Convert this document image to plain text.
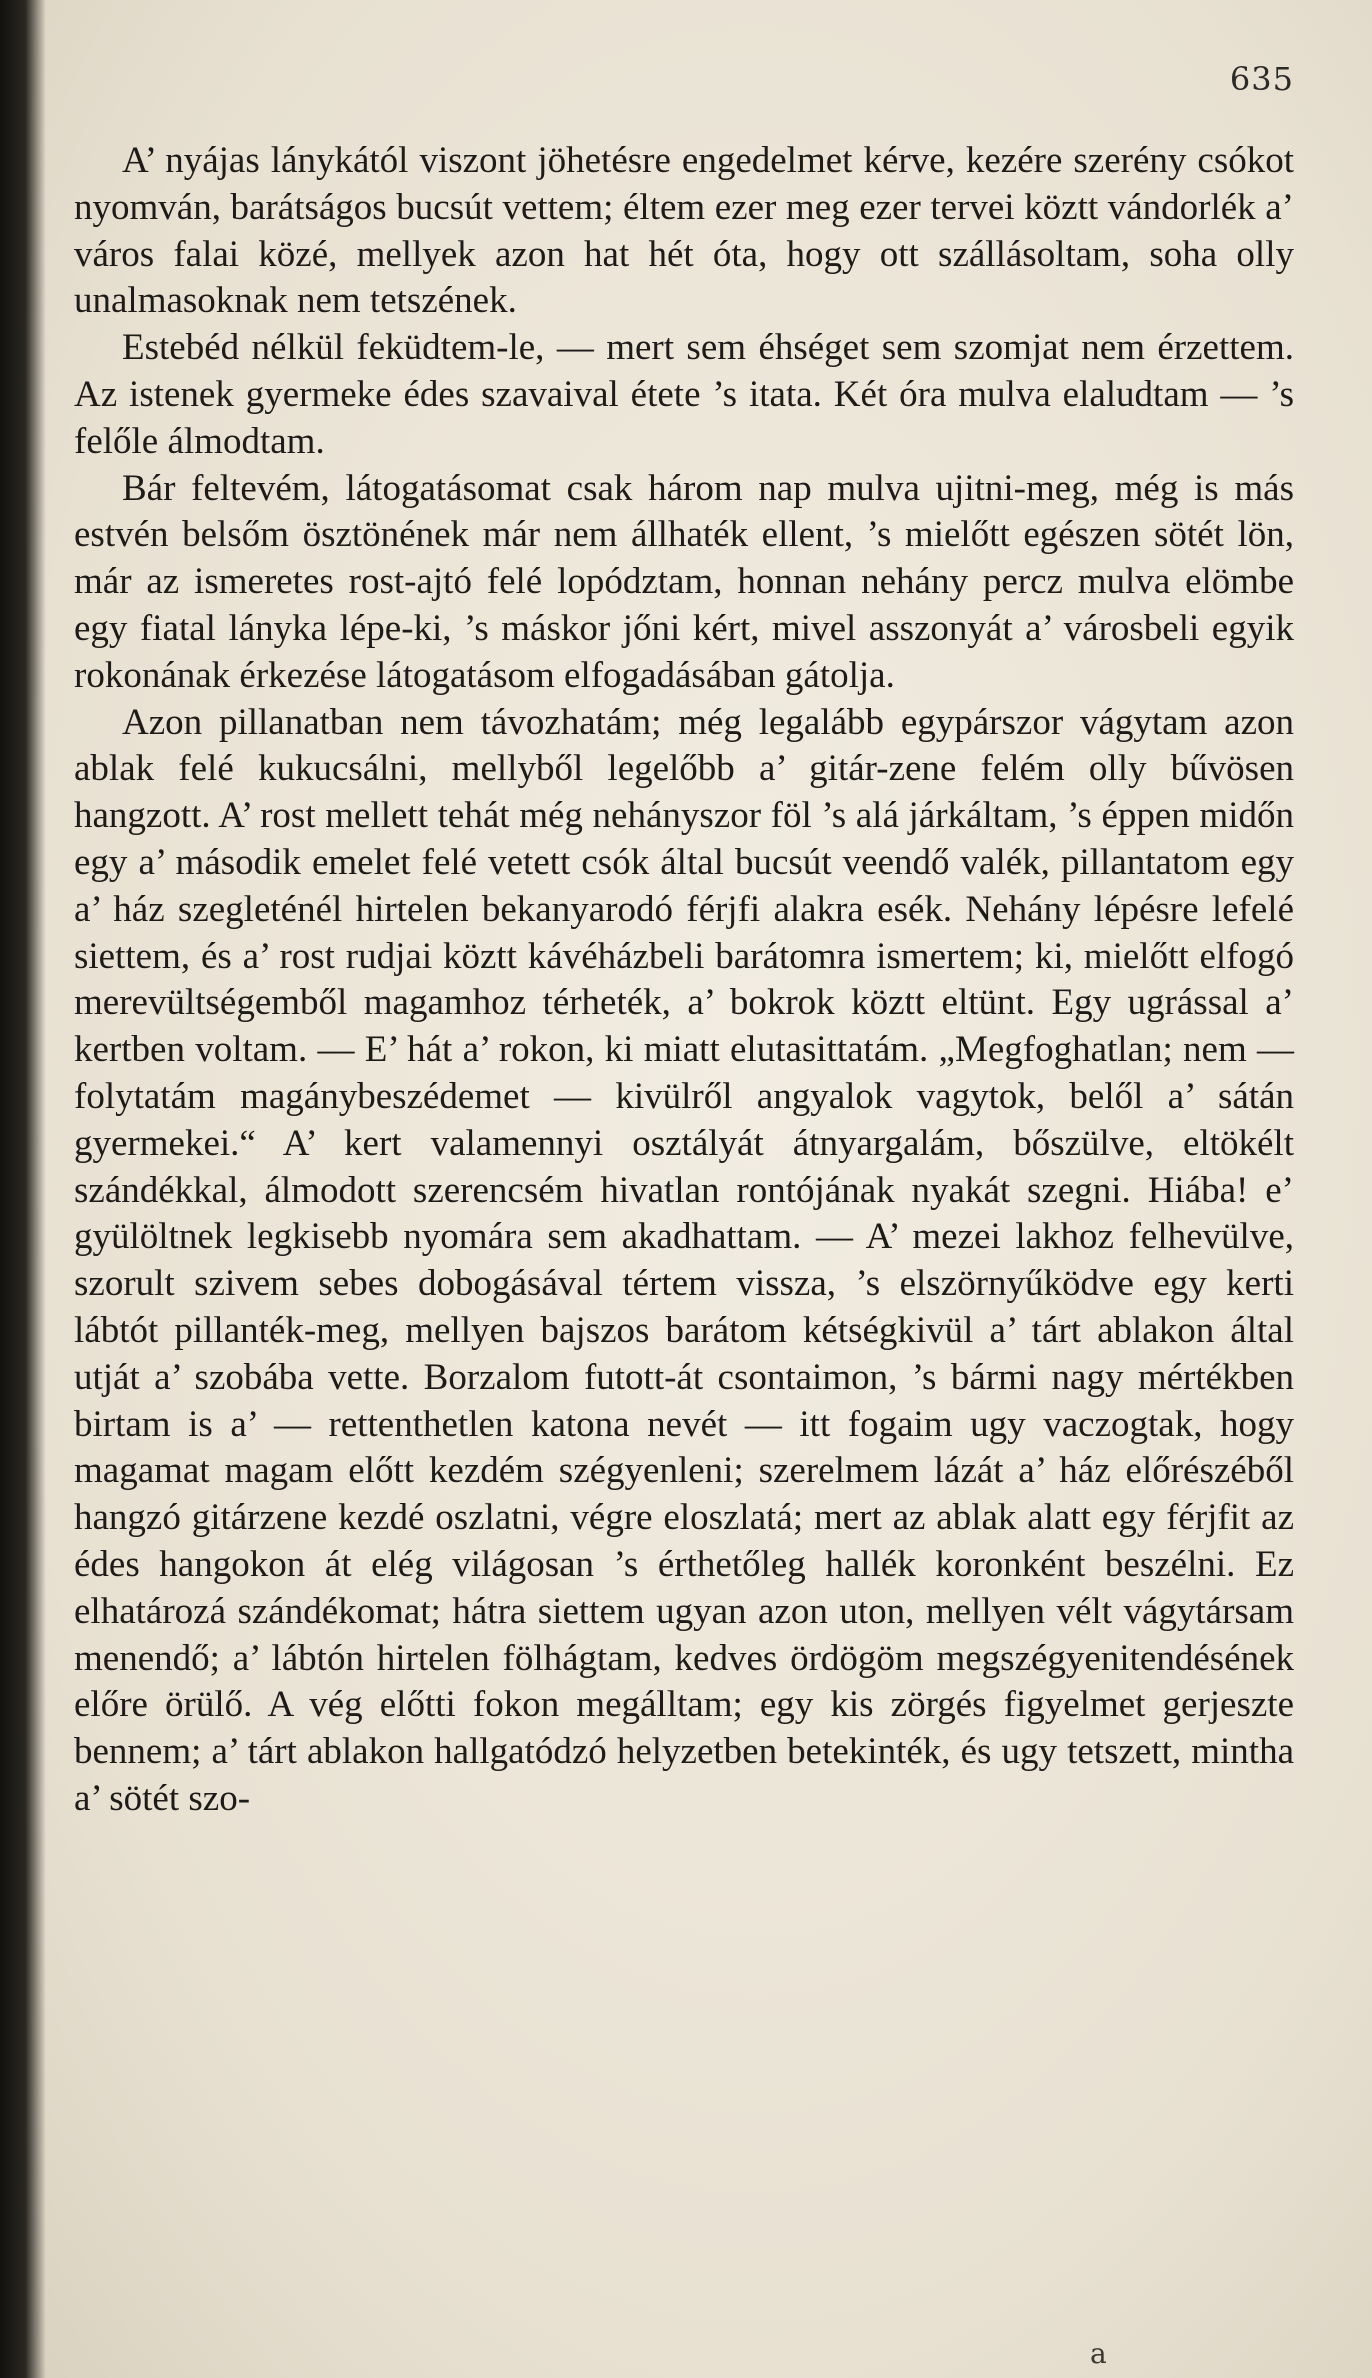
635

A’ nyájas lánykától viszont jöhetésre engedelmet kérve, kezére szerény csókot nyomván, barátságos bucsút vettem; éltem ezer meg ezer tervei köztt vándorlék a’ város falai közé, mellyek azon hat hét óta, hogy ott szállásoltam, soha olly unalmasoknak nem tetszének.

Estebéd nélkül feküdtem-le, — mert sem éhséget sem szomjat nem érzettem. Az istenek gyermeke édes szavaival étete ’s itata. Két óra mulva elaludtam — ’s felőle álmodtam.

Bár feltevém, látogatásomat csak három nap mulva ujitni-meg, még is más estvén belsőm ösztönének már nem állhaték ellent, ’s mielőtt egészen sötét lön, már az ismeretes rost-ajtó felé lopództam, honnan nehány percz mulva elömbe egy fiatal lányka lépe-ki, ’s máskor jőni kért, mivel asszonyát a’ városbeli egyik rokonának érkezése látogatásom elfogadásában gátolja.

Azon pillanatban nem távozhatám; még legalább egypárszor vágytam azon ablak felé kukucsálni, mellyből legelőbb a’ gitár-zene felém olly bűvösen hangzott. A’ rost mellett tehát még nehányszor föl ’s alá járkáltam, ’s éppen midőn egy a’ második emelet felé vetett csók által bucsút veendő valék, pillantatom egy a’ ház szegleténél hirtelen bekanyarodó férjfi alakra esék. Nehány lépésre lefelé siettem, és a’ rost rudjai köztt kávéházbeli barátomra ismertem; ki, mielőtt elfogó merevültségemből magamhoz térheték, a’ bokrok köztt eltünt. Egy ugrással a’ kertben voltam. — E’ hát a’ rokon, ki miatt elutasittatám. „Megfoghatlan; nem — folytatám magánybeszédemet — kivülről angyalok vagytok, belől a’ sátán gyermekei.“ A’ kert valamennyi osztályát átnyargalám, bőszülve, eltökélt szándékkal, álmodott szerencsém hivatlan rontójának nyakát szegni. Hiába! e’ gyülöltnek legkisebb nyomára sem akadhattam. — A’ mezei lakhoz felhevülve, szorult szivem sebes dobogásával tértem vissza, ’s elszörnyűködve egy kerti lábtót pillanték-meg, mellyen bajszos barátom kétségkivül a’ tárt ablakon által utját a’ szobába vette. Borzalom futott-át csontaimon, ’s bármi nagy mértékben birtam is a’ — rettenthetlen katona nevét — itt fogaim ugy vaczogtak, hogy magamat magam előtt kezdém szégyenleni; szerelmem lázát a’ ház előrészéből hangzó gitárzene kezdé oszlatni, végre eloszlatá; mert az ablak alatt egy férjfit az édes hangokon át elég világosan ’s érthetőleg hallék koronként beszélni. Ez elhatározá szándékomat; hátra siettem ugyan azon uton, mellyen vélt vágytársam menendő; a’ lábtón hirtelen fölhágtam, kedves ördögöm megszégyenitendésének előre örülő. A vég előtti fokon megálltam; egy kis zörgés figyelmet gerjeszte bennem; a’ tárt ablakon hallgatódzó helyzetben betekinték, és ugy tetszett, mintha a’ sötét szo-

a
